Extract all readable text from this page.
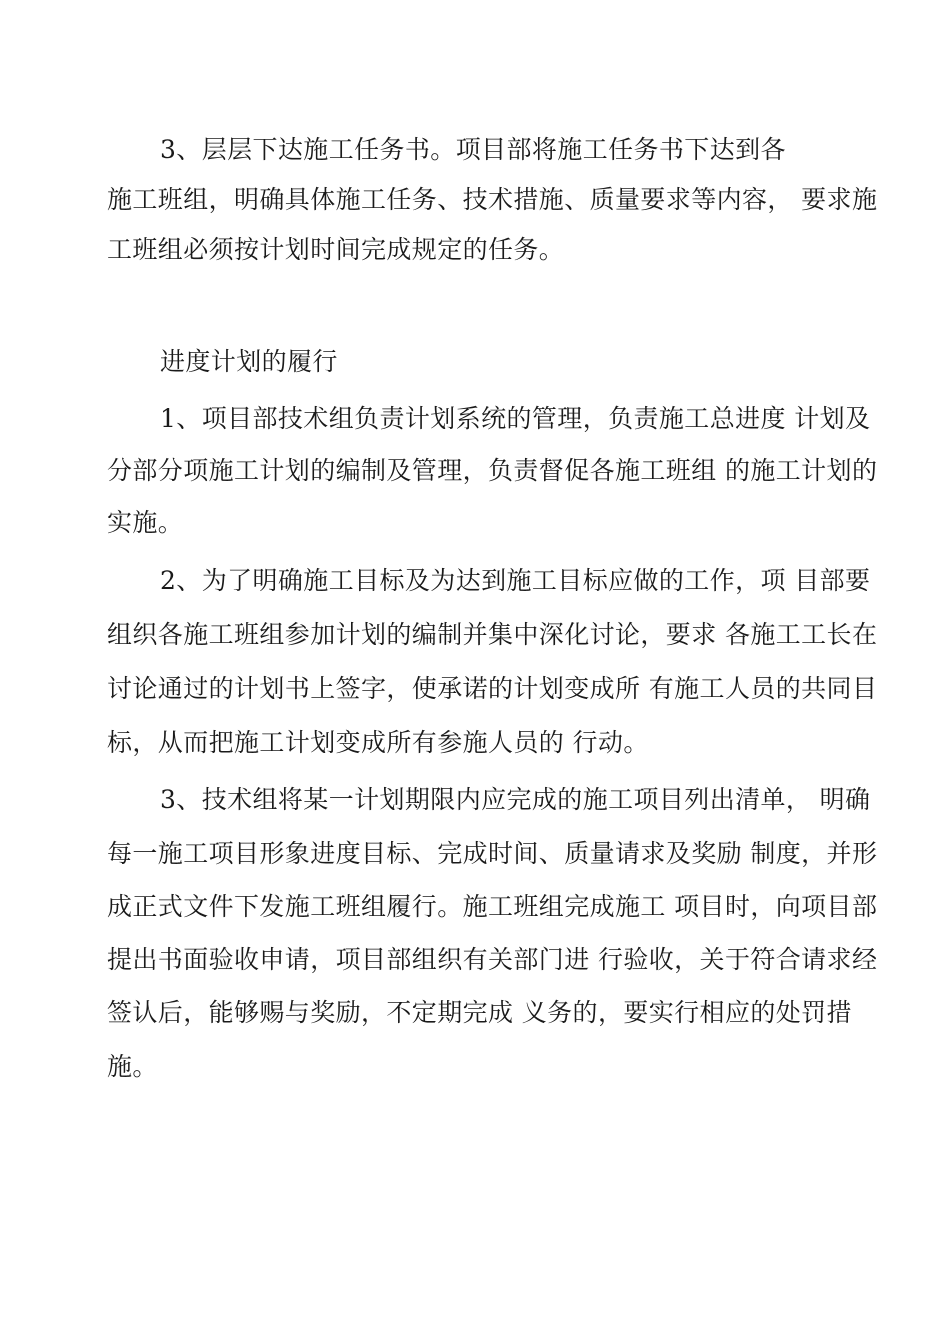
3、层层下达施工任务书。项目部将施工任务书下达到各
施工班组，明确具体施工任务、技术措施、质量要求等内容， 要求施
工班组必须按计划时间完成规定的任务。
进度计划的履行
1、项目部技术组负责计划系统的管理，负责施工总进度 计划及
分部分项施工计划的编制及管理，负责督促各施工班组 的施工计划的
实施。
2、为了明确施工目标及为达到施工目标应做的工作，项 目部要
组织各施工班组参加计划的编制并集中深化讨论，要求 各施工工长在
讨论通过的计划书上签字，使承诺的计划变成所 有施工人员的共同目
标，从而把施工计划变成所有参施人员的 行动。
3、技术组将某一计划期限内应完成的施工项目列出清单， 明确
每一施工项目形象进度目标、完成时间、质量请求及奖励 制度，并形
成正式文件下发施工班组履行。施工班组完成施工 项目时，向项目部
提出书面验收申请，项目部组织有关部门进 行验收，关于符合请求经
签认后，能够赐与奖励，不定期完成 义务的，要实行相应的处罚措
施。
